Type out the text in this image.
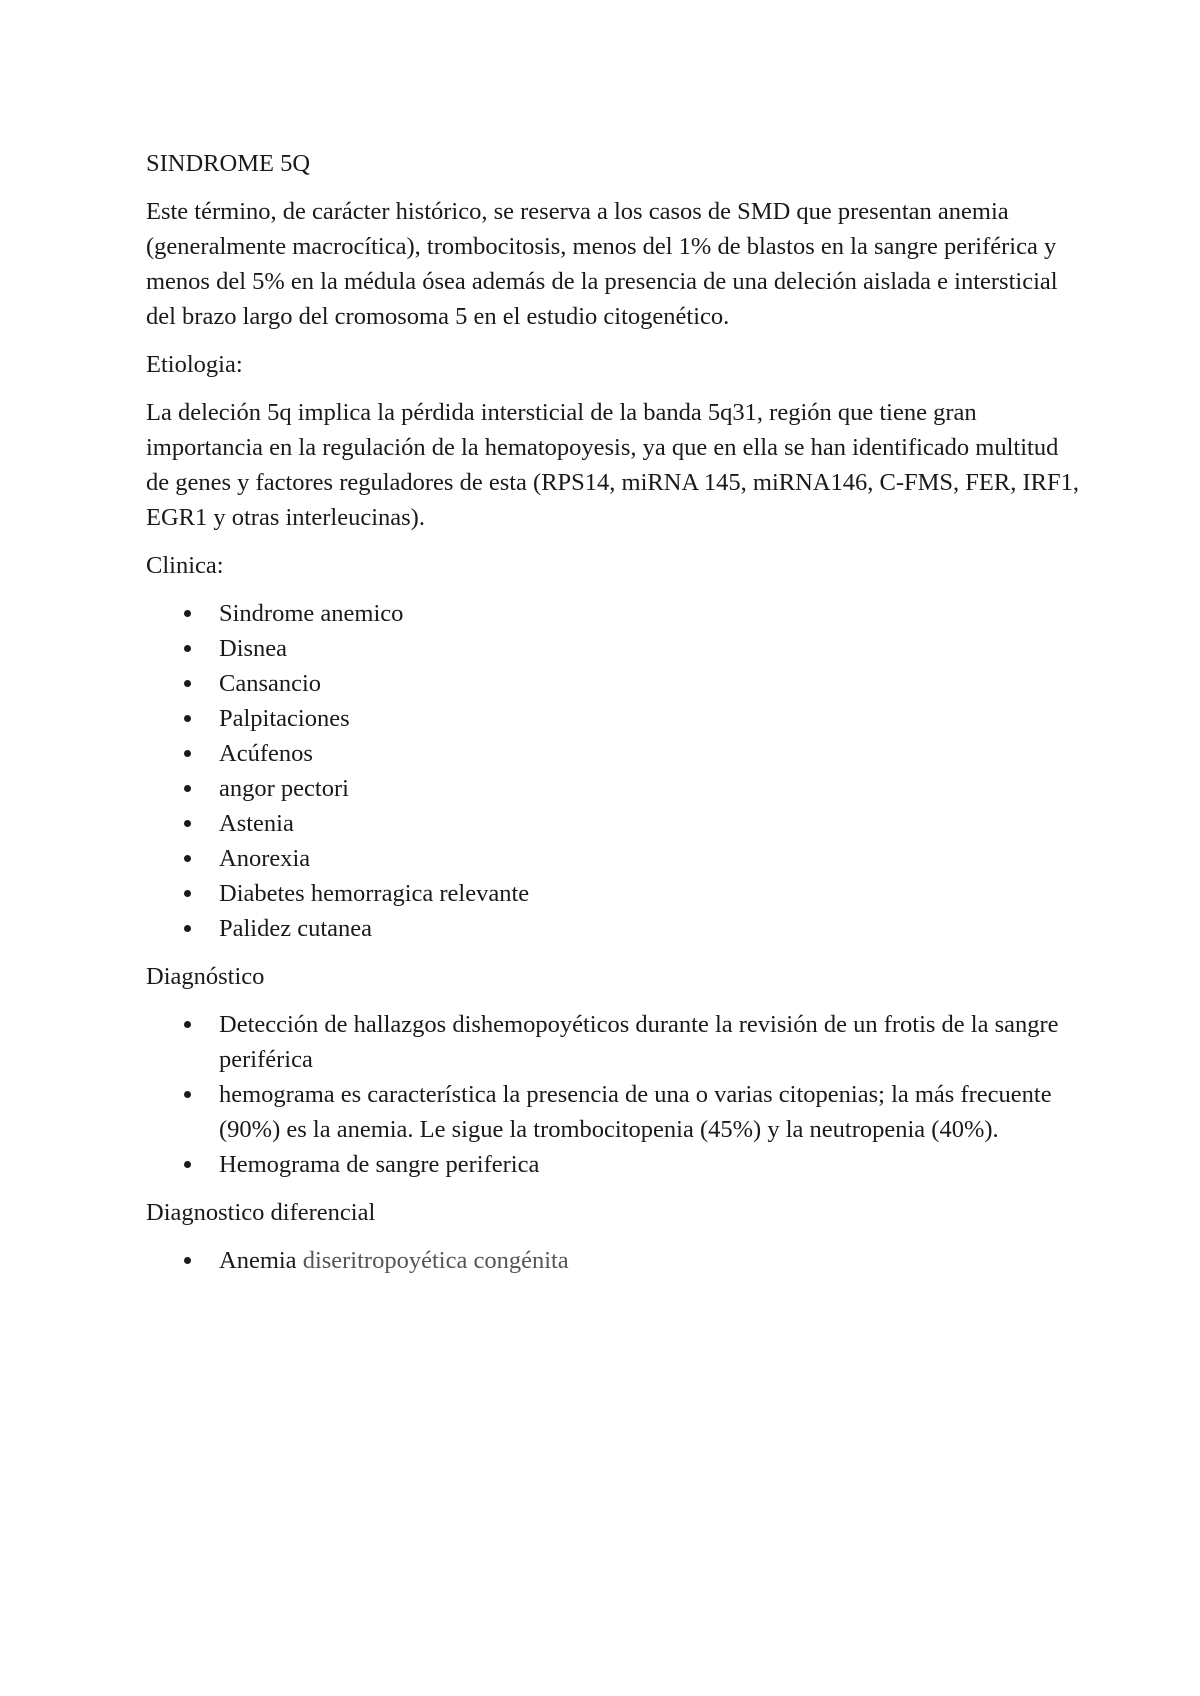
SINDROME 5Q

Este término, de carácter histórico, se reserva a los casos de SMD que presentan anemia (generalmente macrocítica), trombocitosis, menos del 1% de blastos en la sangre periférica y menos del 5% en la médula ósea además de la presencia de una deleción aislada e intersticial del brazo largo del cromosoma 5 en el estudio citogenético.

Etiologia:

La deleción 5q implica la pérdida intersticial de la banda 5q31, región que tiene gran importancia en la regulación de la hematopoyesis, ya que en ella se han identificado multitud de genes y factores reguladores de esta (RPS14, miRNA 145, miRNA146, C-FMS, FER, IRF1, EGR1 y otras interleucinas).

Clinica:
Sindrome anemico
Disnea
Cansancio
Palpitaciones
Acúfenos
angor pectori
Astenia
Anorexia
Diabetes hemorragica relevante
Palidez cutanea
Diagnóstico
Detección de hallazgos dishemopoyéticos durante la revisión de un frotis de la sangre periférica
hemograma es característica la presencia de una o varias citopenias; la más frecuente (90%) es la anemia. Le sigue la trombocitopenia (45%) y la neutropenia (40%).
Hemograma de sangre periferica
Diagnostico diferencial
Anemia diseritropoyética congénita
